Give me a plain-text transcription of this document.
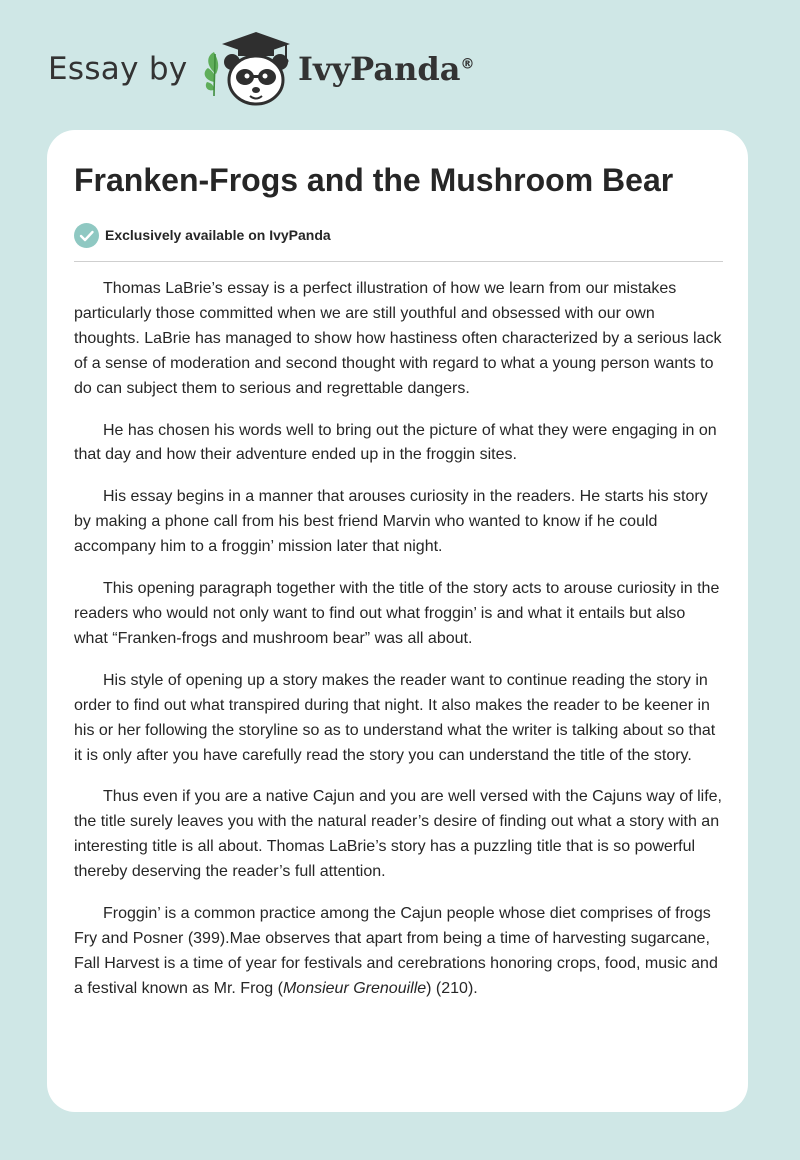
Essay by	IvyPanda®
Franken-Frogs and the Mushroom Bear
Exclusively available on IvyPanda

Thomas LaBrie’s essay is a perfect illustration of how we learn from our mistakes particularly those committed when we are still youthful and obsessed with our own thoughts. LaBrie has managed to show how hastiness often characterized by a serious lack of a sense of moderation and second thought with regard to what a young person wants to do can subject them to serious and regrettable dangers.

He has chosen his words well to bring out the picture of what they were engaging in on that day and how their adventure ended up in the froggin sites.

His essay begins in a manner that arouses curiosity in the readers. He starts his story by making a phone call from his best friend Marvin who wanted to know if he could accompany him to a froggin’ mission later that night.

This opening paragraph together with the title of the story acts to arouse curiosity in the readers who would not only want to find out what froggin’ is and what it entails but also what “Franken-frogs and mushroom bear” was all about.

His style of opening up a story makes the reader want to continue reading the story in order to find out what transpired during that night. It also makes the reader to be keener in his or her following the storyline so as to understand what the writer is talking about so that it is only after you have carefully read the story you can understand the title of the story.

Thus even if you are a native Cajun and you are well versed with the Cajuns way of life, the title surely leaves you with the natural reader’s desire of finding out what a story with an interesting title is all about. Thomas LaBrie’s story has a puzzling title that is so powerful thereby deserving the reader’s full attention.

Froggin’ is a common practice among the Cajun people whose diet comprises of frogs Fry and Posner (399).Mae observes that apart from being a time of harvesting sugarcane, Fall Harvest is a time of year for festivals and cerebrations honoring crops, food, music and a festival known as Mr. Frog (Monsieur Grenouille) (210).
